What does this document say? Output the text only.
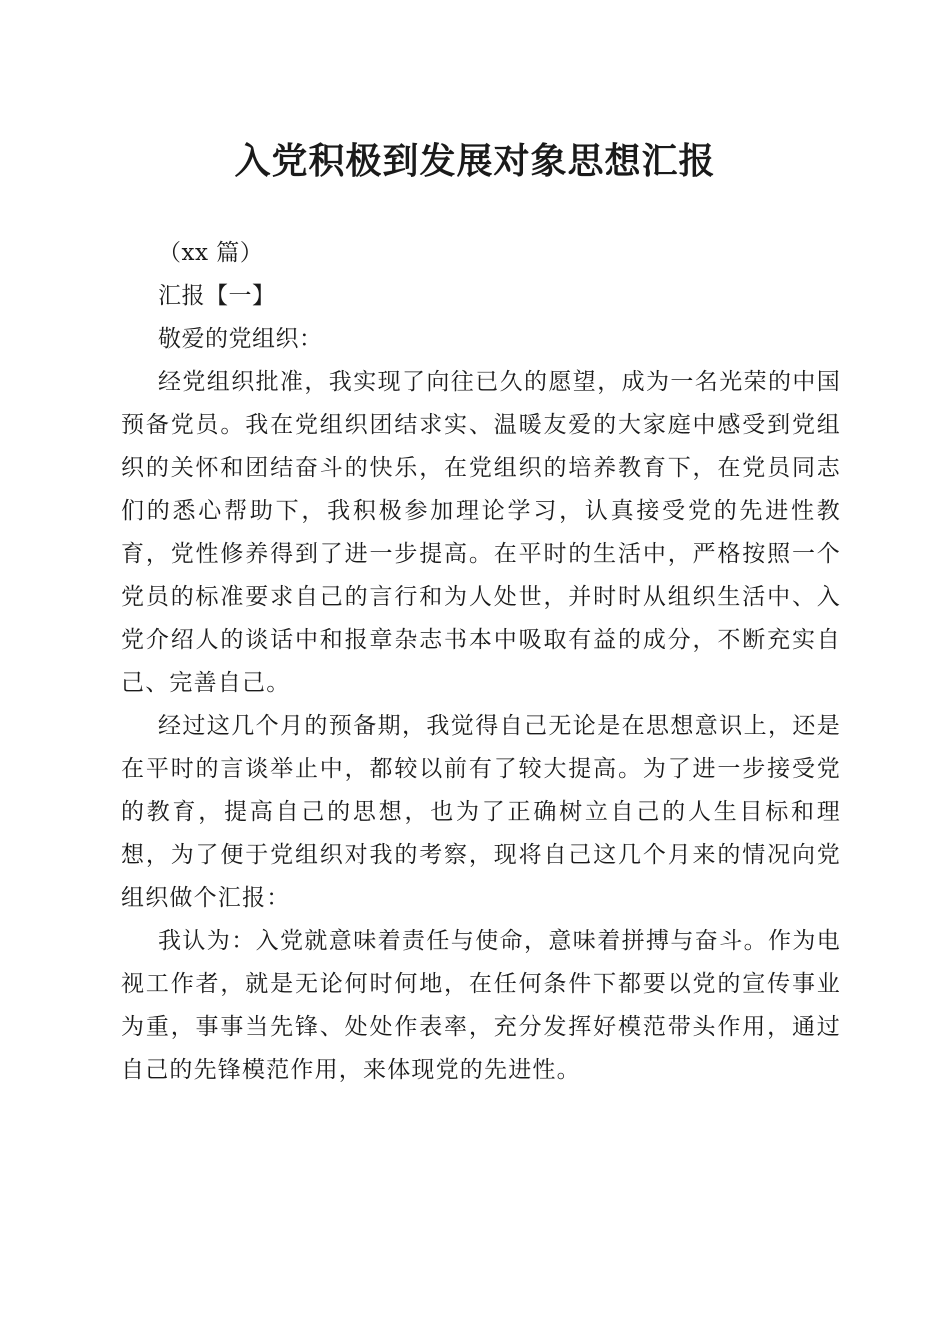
入党积极到发展对象思想汇报

（xx 篇）

汇报【一】

敬爱的党组织：

经党组织批准，我实现了向往已久的愿望，成为一名光荣的中国预备党员。我在党组织团结求实、温暖友爱的大家庭中感受到党组织的关怀和团结奋斗的快乐，在党组织的培养教育下，在党员同志们的悉心帮助下，我积极参加理论学习，认真接受党的先进性教育，党性修养得到了进一步提高。在平时的生活中，严格按照一个党员的标准要求自己的言行和为人处世，并时时从组织生活中、入党介绍人的谈话中和报章杂志书本中吸取有益的成分，不断充实自己、完善自己。

经过这几个月的预备期，我觉得自己无论是在思想意识上，还是在平时的言谈举止中，都较以前有了较大提高。为了进一步接受党的教育，提高自己的思想，也为了正确树立自己的人生目标和理想，为了便于党组织对我的考察，现将自己这几个月来的情况向党组织做个汇报：

我认为：入党就意味着责任与使命，意味着拼搏与奋斗。作为电视工作者，就是无论何时何地，在任何条件下都要以党的宣传事业为重，事事当先锋、处处作表率，充分发挥好模范带头作用，通过自己的先锋模范作用，来体现党的先进性。
